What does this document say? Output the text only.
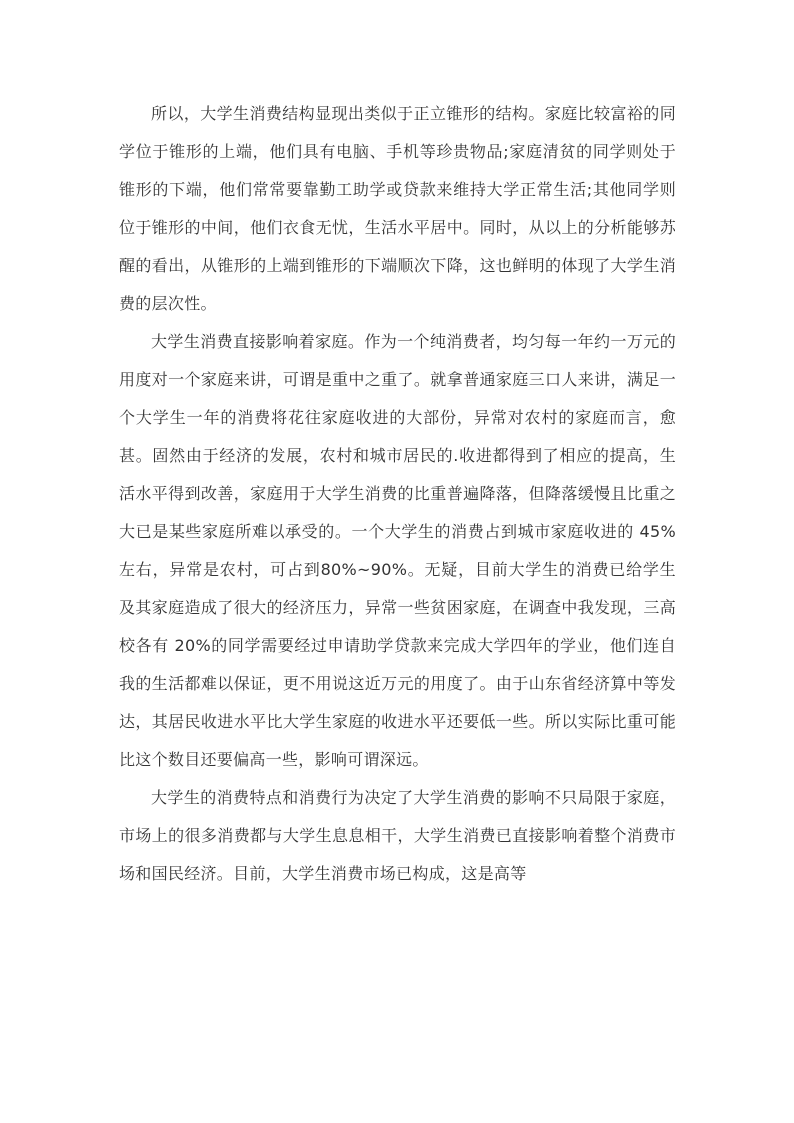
所以，大学生消费结构显现出类似于正立锥形的结构。家庭比较富裕的同学位于锥形的上端，他们具有电脑、手机等珍贵物品;家庭清贫的同学则处于锥形的下端，他们常常要靠勤工助学或贷款来维持大学正常生活;其他同学则位于锥形的中间，他们衣食无忧，生活水平居中。同时，从以上的分析能够苏醒的看出，从锥形的上端到锥形的下端顺次下降，这也鲜明的体现了大学生消费的层次性。

大学生消费直接影响着家庭。作为一个纯消费者，均匀每一年约一万元的用度对一个家庭来讲，可谓是重中之重了。就拿普通家庭三口人来讲，满足一个大学生一年的消费将花往家庭收进的大部份，异常对农村的家庭而言，愈甚。固然由于经济的发展，农村和城市居民的.收进都得到了相应的提高，生活水平得到改善，家庭用于大学生消费的比重普遍降落，但降落缓慢且比重之大已是某些家庭所难以承受的。一个大学生的消费占到城市家庭收进的 45%左右，异常是农村，可占到80%~90%。无疑，目前大学生的消费已给学生及其家庭造成了很大的经济压力，异常一些贫困家庭，在调查中我发现，三高校各有 20%的同学需要经过申请助学贷款来完成大学四年的学业，他们连自我的生活都难以保证，更不用说这近万元的用度了。由于山东省经济算中等发达，其居民收进水平比大学生家庭的收进水平还要低一些。所以实际比重可能比这个数目还要偏高一些，影响可谓深远。

大学生的消费特点和消费行为决定了大学生消费的影响不只局限于家庭，市场上的很多消费都与大学生息息相干，大学生消费已直接影响着整个消费市场和国民经济。目前，大学生消费市场已构成，这是高等
